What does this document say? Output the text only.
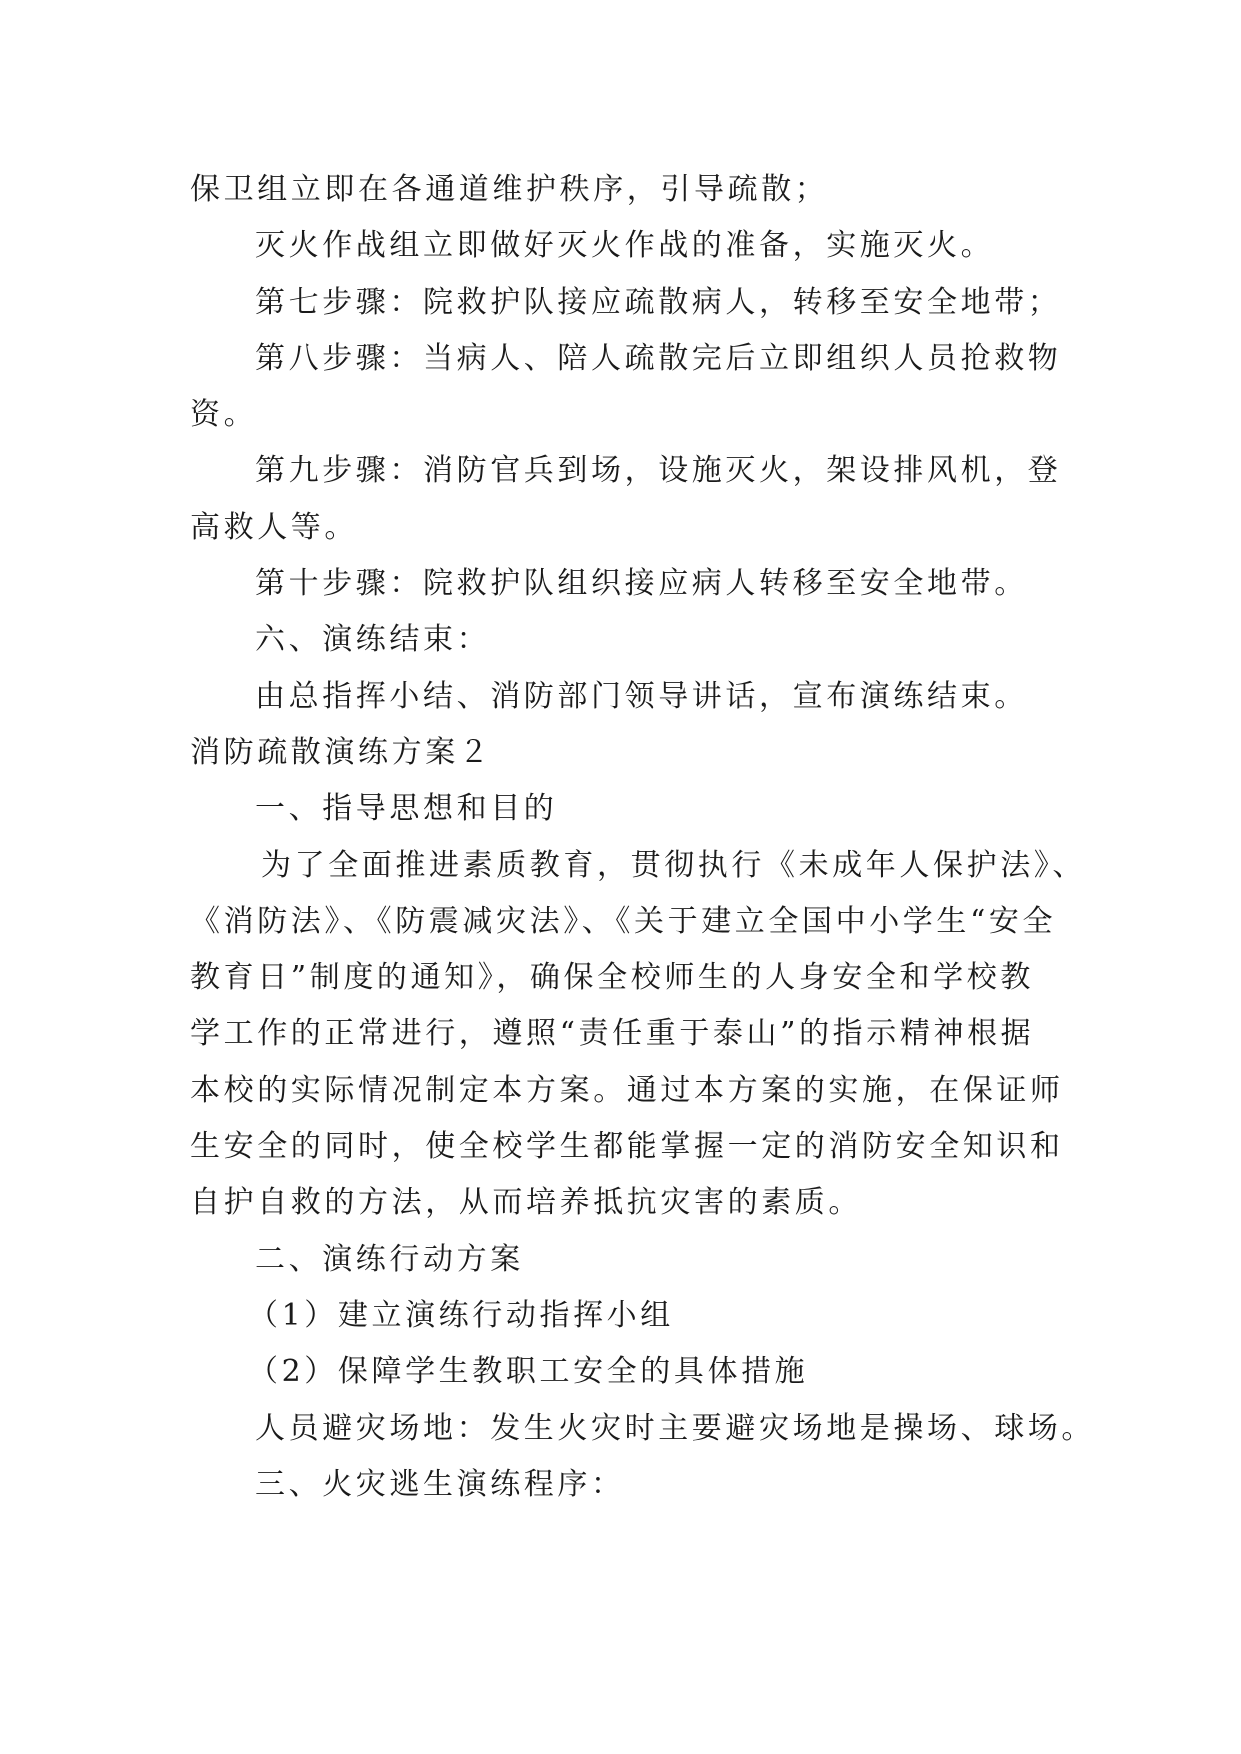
保卫组立即在各通道维护秩序，引导疏散；

灭火作战组立即做好灭火作战的准备，实施灭火。

第七步骤：院救护队接应疏散病人，转移至安全地带；

第八步骤：当病人、陪人疏散完后立即组织人员抢救物

资。

第九步骤：消防官兵到场，设施灭火，架设排风机，登

高救人等。

第十步骤：院救护队组织接应病人转移至安全地带。

六、演练结束：

由总指挥小结、消防部门领导讲话，宣布演练结束。

消防疏散演练方案２

一、指导思想和目的

为了全面推进素质教育，贯彻执行《未成年人保护法》、

《消防法》、《防震减灾法》、《关于建立全国中小学生“安全

教育日”制度的通知》，确保全校师生的人身安全和学校教

学工作的正常进行，遵照“责任重于泰山”的指示精神根据

本校的实际情况制定本方案。通过本方案的实施，在保证师

生安全的同时，使全校学生都能掌握一定的消防安全知识和

自护自救的方法，从而培养抵抗灾害的素质。

二、演练行动方案

（1）建立演练行动指挥小组

（2）保障学生教职工安全的具体措施

人员避灾场地：发生火灾时主要避灾场地是操场、球场。

三、火灾逃生演练程序：
